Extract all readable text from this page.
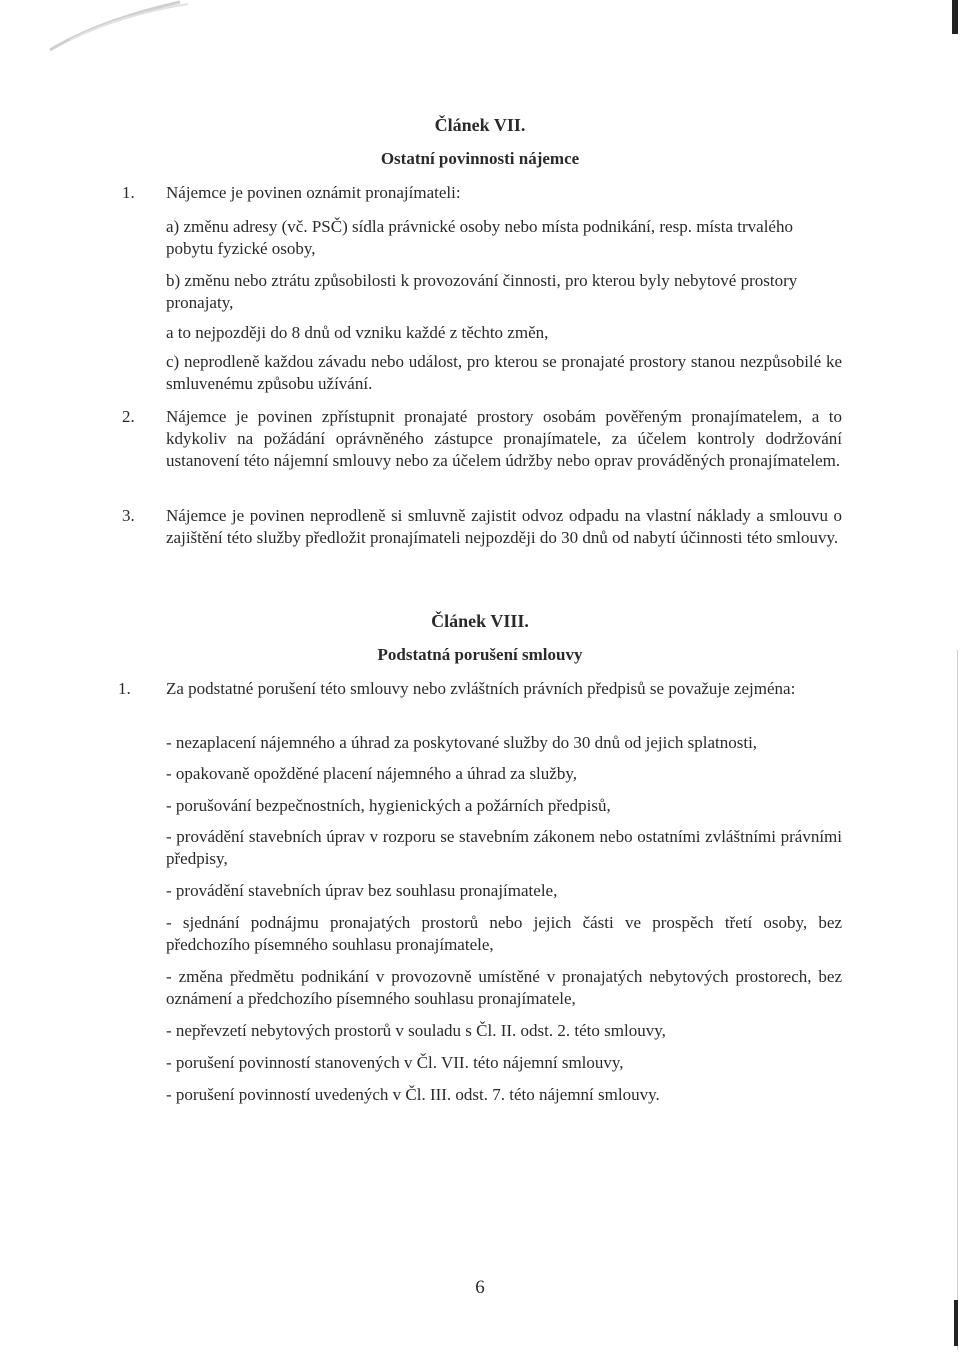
Článek VII.
Ostatní povinnosti nájemce
1. Nájemce je povinen oznámit pronajímateli:

a) změnu adresy (vč. PSČ) sídla právnické osoby nebo místa podnikání, resp. místa trvalého pobytu fyzické osoby,

b) změnu nebo ztrátu způsobilosti k provozování činnosti, pro kterou byly nebytové prostory pronajaty,

a to nejpozději do 8 dnů od vzniku každé z těchto změn,

c) neprodleně každou závadu nebo událost, pro kterou se pronajaté prostory stanou nezpůsobilé ke smluvenému způsobu užívání.

2. Nájemce je povinen zpřístupnit pronajaté prostory osobám pověřeným pronajímatelem, a to kdykoliv na požádání oprávněného zástupce pronajímatele, za účelem kontroly dodržování ustanovení této nájemní smlouvy nebo za účelem údržby nebo oprav prováděných pronajímatelem.

3. Nájemce je povinen neprodleně si smluvně zajistit odvoz odpadu na vlastní náklady a smlouvu o zajištění této služby předložit pronajímateli nejpozději do 30 dnů od nabytí účinnosti této smlouvy.

Článek VIII.
Podstatná porušení smlouvy
1. Za podstatné porušení této smlouvy nebo zvláštních právních předpisů se považuje zejména:

- nezaplacení nájemného a úhrad za poskytované služby do 30 dnů od jejich splatnosti,

- opakovaně opožděné placení nájemného a úhrad za služby,

- porušování bezpečnostních, hygienických a požárních předpisů,

- provádění stavebních úprav v rozporu se stavebním zákonem nebo ostatními zvláštními právními předpisy,

- provádění stavebních úprav bez souhlasu pronajímatele,

- sjednání podnájmu pronajatých prostorů nebo jejich části ve prospěch třetí osoby, bez předchozího písemného souhlasu pronajímatele,

- změna předmětu podnikání v provozovně umístěné v pronajatých nebytových prostorech, bez oznámení a předchozího písemného souhlasu pronajímatele,

- nepřevzetí nebytových prostorů v souladu s Čl. II. odst. 2. této smlouvy,

- porušení povinností stanovených v Čl. VII. této nájemní smlouvy,

- porušení povinností uvedených v Čl. III. odst. 7. této nájemní smlouvy.

6
